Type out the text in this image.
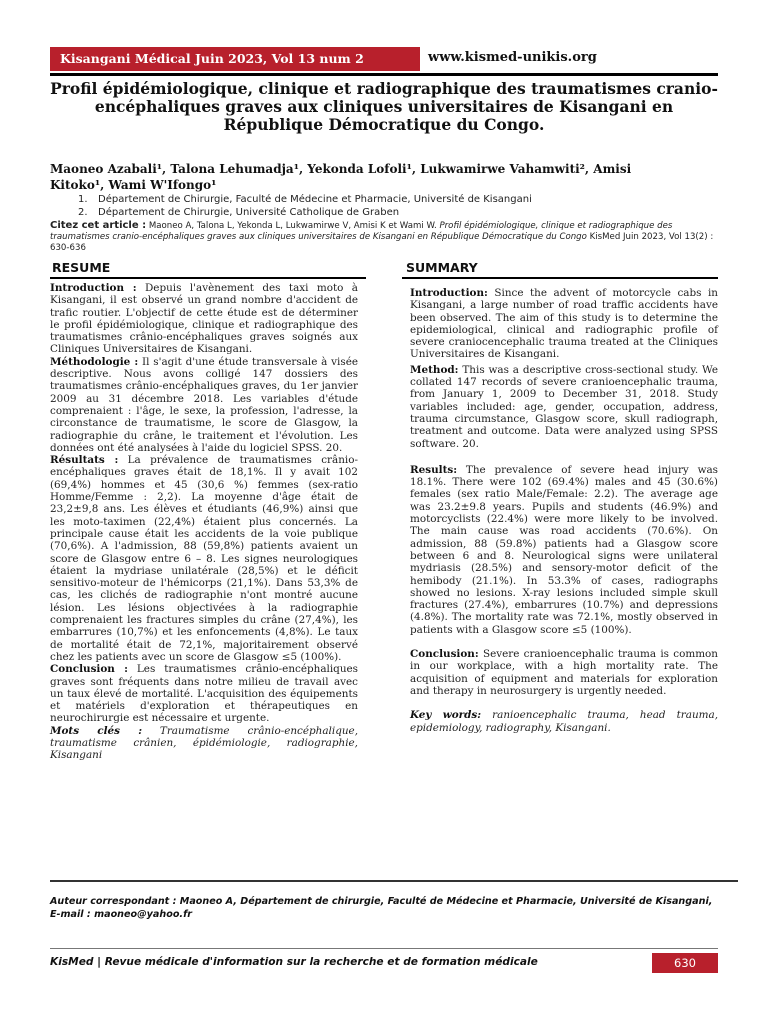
Kisangani Médical Juin 2023, Vol 13 num 2	www.kismed-unikis.org
Profil épidémiologique, clinique et radiographique des traumatismes cranio-encéphaliques graves aux cliniques universitaires de Kisangani en République Démocratique du Congo.
Maoneo Azabali¹, Talona Lehumadja¹, Yekonda Lofoli¹, Lukwamirwe Vahamwiti², Amisi
Kitoko¹, Wami W'Ifongo¹
1. Département de Chirurgie, Faculté de Médecine et Pharmacie, Université de Kisangani
2. Département de Chirurgie, Université Catholique de Graben
Citez cet article : Maoneo A, Talona L, Yekonda L, Lukwamirwe V, Amisi K et Wami W. Profil épidémiologique, clinique et radiographique des traumatismes cranio-encéphaliques graves aux cliniques universitaires de Kisangani en République Démocratique du Congo KisMed Juin 2023, Vol 13(2) : 630-636
RESUME	SUMMARY

Introduction : Depuis l'avènement des taxi moto à Kisangani, il est observé un grand nombre d'accident de trafic routier. L'objectif de cette étude est de déterminer le profil épidémiologique, clinique et radiographique des traumatismes crânio-encéphaliques graves soignés aux Cliniques Universitaires de Kisangani.

Méthodologie : Il s'agit d'une étude transversale à visée descriptive. Nous avons colligé 147 dossiers des traumatismes crânio-encéphaliques graves, du 1er janvier 2009 au 31 décembre 2018. Les variables d'étude comprenaient : l'âge, le sexe, la profession, l'adresse, la circonstance de traumatisme, le score de Glasgow, la radiographie du crâne, le traitement et l'évolution. Les données ont été analysées à l'aide du logiciel SPSS. 20.

Résultats : La prévalence de traumatismes crânio-encéphaliques graves était de 18,1%. Il y avait 102 (69,4%) hommes et 45 (30,6 %) femmes (sex-ratio Homme/Femme : 2,2). La moyenne d'âge était de 23,2±9,8 ans. Les élèves et étudiants (46,9%) ainsi que les moto-taximen (22,4%) étaient plus concernés. La principale cause était les accidents de la voie publique (70,6%). A l'admission, 88 (59,8%) patients avaient un score de Glasgow entre 6 – 8. Les signes neurologiques étaient la mydriase unilatérale (28,5%) et le déficit sensitivo-moteur de l'hémicorps (21,1%). Dans 53,3% de cas, les clichés de radiographie n'ont montré aucune lésion. Les lésions objectivées à la radiographie comprenaient les fractures simples du crâne (27,4%), les embarrures (10,7%) et les enfoncements (4,8%). Le taux de mortalité était de 72,1%, majoritairement observé chez les patients avec un score de Glasgow ≤5 (100%).

Conclusion : Les traumatismes crânio-encéphaliques graves sont fréquents dans notre milieu de travail avec un taux élevé de mortalité. L'acquisition des équipements et matériels d'exploration et thérapeutiques en neurochirurgie est nécessaire et urgente.

Mots clés : Traumatisme crânio-encéphalique, traumatisme crânien, épidémiologie, radiographie, Kisangani

Introduction: Since the advent of motorcycle cabs in Kisangani, a large number of road traffic accidents have been observed. The aim of this study is to determine the epidemiological, clinical and radiographic profile of severe craniocencephalic trauma treated at the Cliniques Universitaires de Kisangani.

Method: This was a descriptive cross-sectional study. We collated 147 records of severe cranioencephalic trauma, from January 1, 2009 to December 31, 2018. Study variables included: age, gender, occupation, address, trauma circumstance, Glasgow score, skull radiograph, treatment and outcome. Data were analyzed using SPSS software. 20.

Results: The prevalence of severe head injury was 18.1%. There were 102 (69.4%) males and 45 (30.6%) females (sex ratio Male/Female: 2.2). The average age was 23.2±9.8 years. Pupils and students (46.9%) and motorcyclists (22.4%) were more likely to be involved. The main cause was road accidents (70.6%). On admission, 88 (59.8%) patients had a Glasgow score between 6 and 8. Neurological signs were unilateral mydriasis (28.5%) and sensory-motor deficit of the hemibody (21.1%). In 53.3% of cases, radiographs showed no lesions. X-ray lesions included simple skull fractures (27.4%), embarrures (10.7%) and depressions (4.8%). The mortality rate was 72.1%, mostly observed in patients with a Glasgow score ≤5 (100%).

Conclusion: Severe cranioencephalic trauma is common in our workplace, with a high mortality rate. The acquisition of equipment and materials for exploration and therapy in neurosurgery is urgently needed.

Key words: ranioencephalic trauma, head trauma, epidemiology, radiography, Kisangani.

Auteur correspondant : Maoneo A, Département de chirurgie, Faculté de Médecine et Pharmacie, Université de Kisangani, E-mail : maoneo@yahoo.fr
KisMed | Revue médicale d'information sur la recherche et de formation médicale	630
